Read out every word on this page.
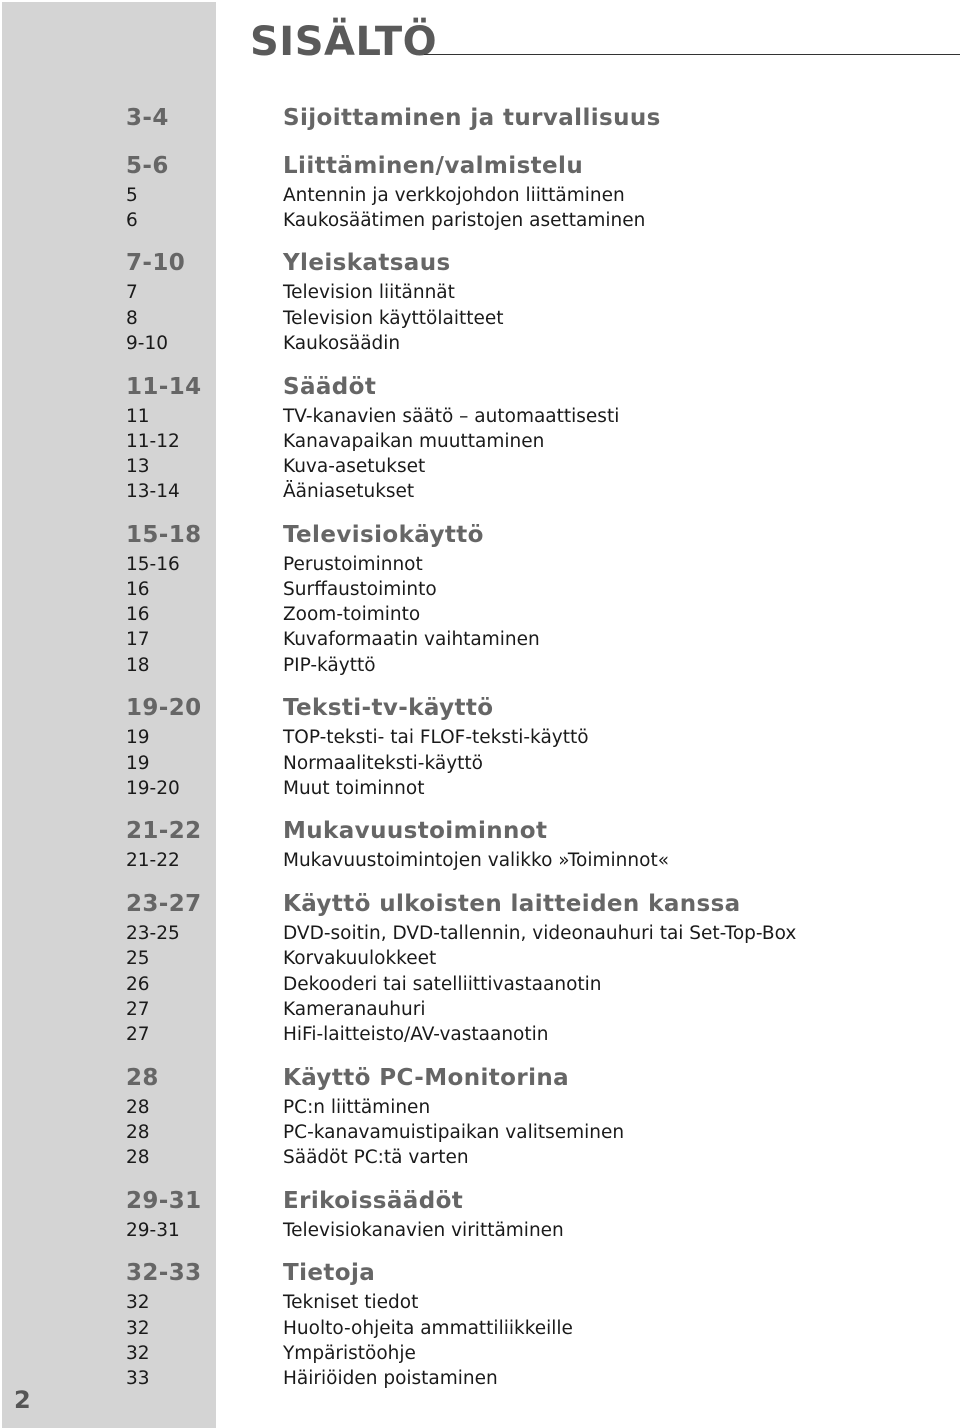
2
SISÄLTÖ
3-4	Sijoittaminen ja turvallisuus
5-6	Liittäminen/valmistelu
5	Antennin ja verkkojohdon liittäminen
6	Kaukosäätimen paristojen asettaminen
7-10	Yleiskatsaus
7	Television liitännät
8	Television käyttölaitteet
9-10	Kaukosäädin
11-14	Säädöt
11	TV-kanavien säätö – automaattisesti
11-12	Kanavapaikan muuttaminen
13	Kuva-asetukset
13-14	Ääniasetukset
15-18	Televisiokäyttö
15-16	Perustoiminnot
16	Surffaustoiminto
16	Zoom-toiminto
17	Kuvaformaatin vaihtaminen
18	PIP-käyttö
19-20	Teksti-tv-käyttö
19	TOP-teksti- tai FLOF-teksti-käyttö
19	Normaaliteksti-käyttö
19-20	Muut toiminnot
21-22	Mukavuustoiminnot
21-22	Mukavuustoimintojen valikko »Toiminnot«
23-27	Käyttö ulkoisten laitteiden kanssa
23-25	DVD-soitin, DVD-tallennin, videonauhuri tai Set-Top-Box
25	Korvakuulokkeet
26	Dekooderi tai satelliittivastaanotin
27	Kameranauhuri
27	HiFi-laitteisto/AV-vastaanotin
28	Käyttö PC-Monitorina
28	PC:n liittäminen
28	PC-kanavamuistipaikan valitseminen
28	Säädöt PC:tä varten
29-31	Erikoissäädöt
29-31	Televisiokanavien virittäminen
32-33	Tietoja
32	Tekniset tiedot
32	Huolto-ohjeita ammattiliikkeille
32	Ympäristöohje
33	Häiriöiden poistaminen
